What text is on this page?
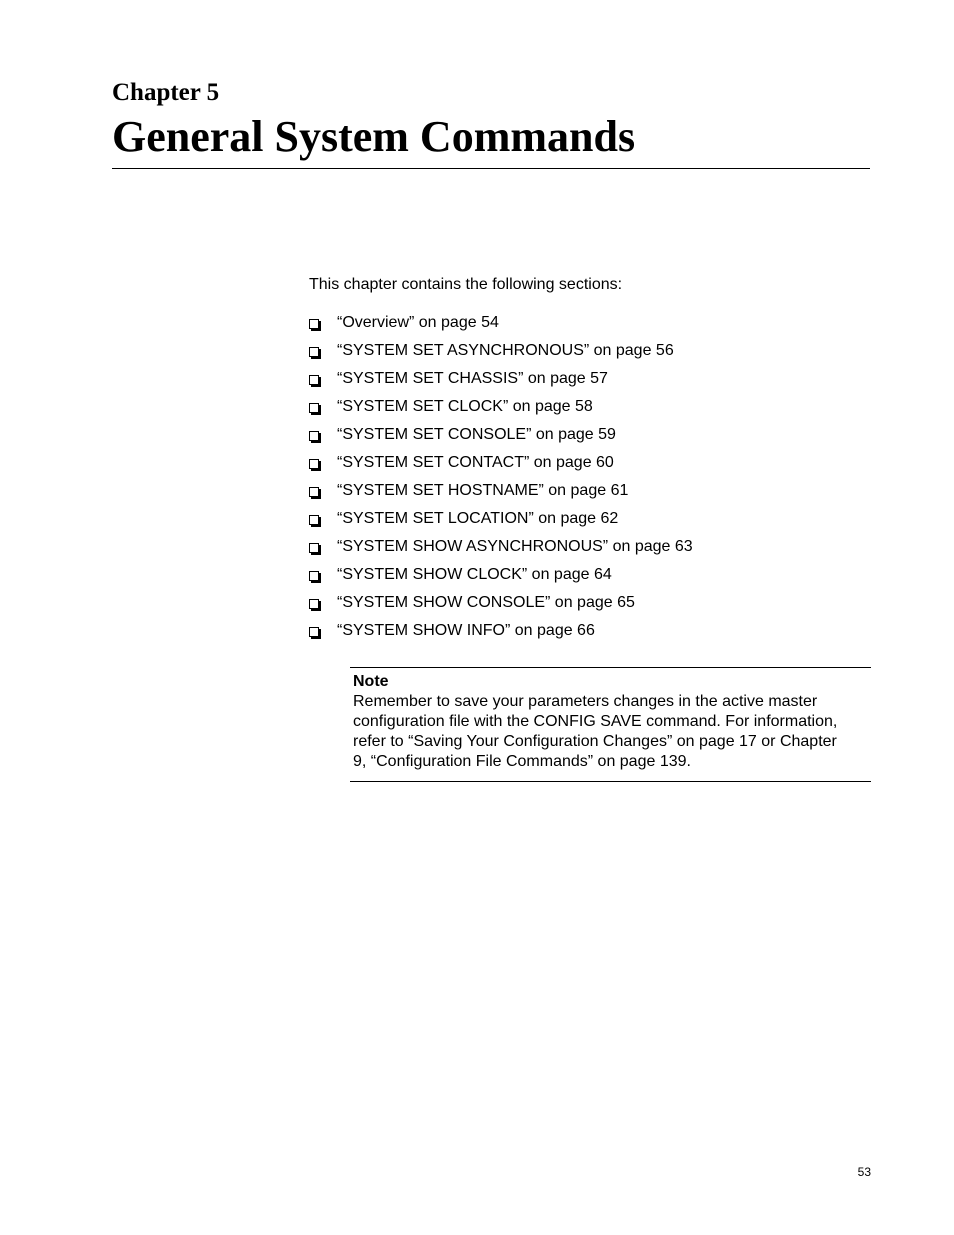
Chapter 5

General System Commands

This chapter contains the following sections:

“Overview” on page 54
“SYSTEM SET ASYNCHRONOUS” on page 56
“SYSTEM SET CHASSIS” on page 57
“SYSTEM SET CLOCK” on page 58
“SYSTEM SET CONSOLE” on page 59
“SYSTEM SET CONTACT” on page 60
“SYSTEM SET HOSTNAME” on page 61
“SYSTEM SET LOCATION” on page 62
“SYSTEM SHOW ASYNCHRONOUS” on page 63
“SYSTEM SHOW CLOCK” on page 64
“SYSTEM SHOW CONSOLE” on page 65
“SYSTEM SHOW INFO” on page 66

Note

Remember to save your parameters changes in the active master
configuration file with the CONFIG SAVE command. For information,
refer to “Saving Your Configuration Changes” on page 17 or Chapter
9, “Configuration File Commands” on page 139.

53
